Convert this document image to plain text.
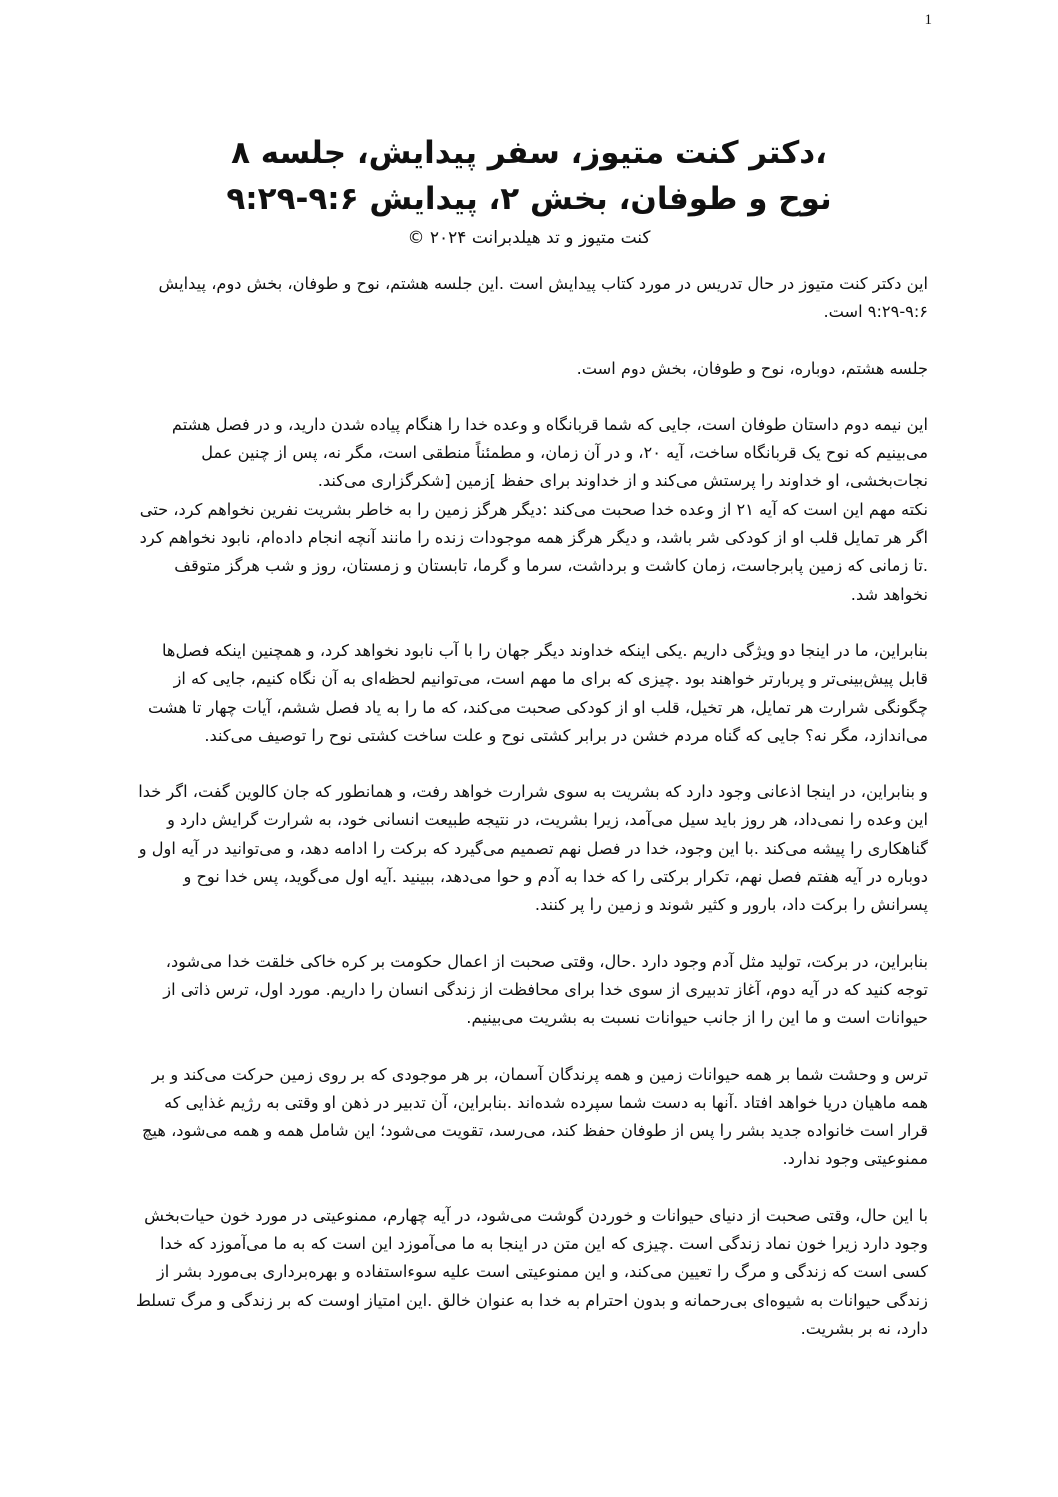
1
،دکتر کنت متیوز، سفر پیدایش، جلسه ۸
نوح و طوفان، بخش ۲، پیدایش ۹:۶-۹:۲۹
کنت متیوز و تد هیلدبرانت ۲۰۲۴ ©

این دکتر کنت متیوز در حال تدریس در مورد کتاب پیدایش است .این جلسه هشتم، نوح و طوفان، بخش دوم، پیدایش ۹:۶-۹:۲۹ است.

جلسه هشتم، دوباره، نوح و طوفان، بخش دوم است.

این نیمه دوم داستان طوفان است، جایی که شما قربانگاه و وعده خدا را هنگام پیاده شدن دارید، و در فصل هشتم می‌بینیم که نوح یک قربانگاه ساخت، آیه ۲۰، و در آن زمان، و مطمئناً منطقی است، مگر نه، پس از چنین عمل نجات‌بخشی، او خداوند را پرستش می‌کند و از خداوند برای حفظ ]زمین [شکرگزاری می‌کند.

نکته مهم این است که آیه ۲۱ از وعده خدا صحبت می‌کند :دیگر هرگز زمین را به خاطر بشریت نفرین نخواهم کرد، حتی اگر هر تمایل قلب او از کودکی شر باشد، و دیگر هرگز همه موجودات زنده را مانند آنچه انجام داده‌ام، نابود نخواهم کرد .تا زمانی که زمین پابرجاست، زمان کاشت و برداشت، سرما و گرما، تابستان و زمستان، روز و شب هرگز متوقف نخواهد شد.

بنابراین، ما در اینجا دو ویژگی داریم .یکی اینکه خداوند دیگر جهان را با آب نابود نخواهد کرد، و همچنین اینکه فصل‌ها قابل پیش‌بینی‌تر و پربارتر خواهند بود .چیزی که برای ما مهم است، می‌توانیم لحظه‌ای به آن نگاه کنیم، جایی که از چگونگی شرارت هر تمایل، هر تخیل، قلب او از کودکی صحبت می‌کند، که ما را به یاد فصل ششم، آیات چهار تا هشت می‌اندازد، مگر نه؟ جایی که گناه مردم خشن در برابر کشتی نوح و علت ساخت کشتی نوح را توصیف می‌کند.

و بنابراین، در اینجا اذعانی وجود دارد که بشریت به سوی شرارت خواهد رفت، و همانطور که جان کالوین گفت، اگر خدا این وعده را نمی‌داد، هر روز باید سیل می‌آمد، زیرا بشریت، در نتیجه طبیعت انسانی خود، به شرارت گرایش دارد و گناهکاری را پیشه می‌کند .با این وجود، خدا در فصل نهم تصمیم می‌گیرد که برکت را ادامه دهد، و می‌توانید در آیه اول و دوباره در آیه هفتم فصل نهم، تکرار برکتی را که خدا به آدم و حوا می‌دهد، ببینید .آیه اول می‌گوید، پس خدا نوح و پسرانش را برکت داد، بارور و کثیر شوند و زمین را پر کنند.

بنابراین، در برکت، تولید مثل آدم وجود دارد .حال، وقتی صحبت از اعمال حکومت بر کره خاکی خلقت خدا می‌شود، توجه کنید که در آیه دوم، آغاز تدبیری از سوی خدا برای محافظت از زندگی انسان را داریم. مورد اول، ترس ذاتی از حیوانات است و ما این را از جانب حیوانات نسبت به بشریت می‌بینیم.

ترس و وحشت شما بر همه حیوانات زمین و همه پرندگان آسمان، بر هر موجودی که بر روی زمین حرکت می‌کند و بر همه ماهیان دریا خواهد افتاد .آنها به دست شما سپرده شده‌اند .بنابراین، آن تدبیر در ذهن او وقتی به رژیم غذایی که قرار است خانواده جدید بشر را پس از طوفان حفظ کند، می‌رسد، تقویت می‌شود؛ این شامل همه و همه می‌شود، هیچ ممنوعیتی وجود ندارد.

با این حال، وقتی صحبت از دنیای حیوانات و خوردن گوشت می‌شود، در آیه چهارم، ممنوعیتی در مورد خون حیات‌بخش وجود دارد زیرا خون نماد زندگی است .چیزی که این متن در اینجا به ما می‌آموزد این است که به ما می‌آموزد که خدا کسی است که زندگی و مرگ را تعیین می‌کند، و این ممنوعیتی است علیه سوءاستفاده و بهره‌برداری بی‌مورد بشر از زندگی حیوانات به شیوه‌ای بی‌رحمانه و بدون احترام به خدا به عنوان خالق .این امتیاز اوست که بر زندگی و مرگ تسلط دارد، نه بر بشریت.
